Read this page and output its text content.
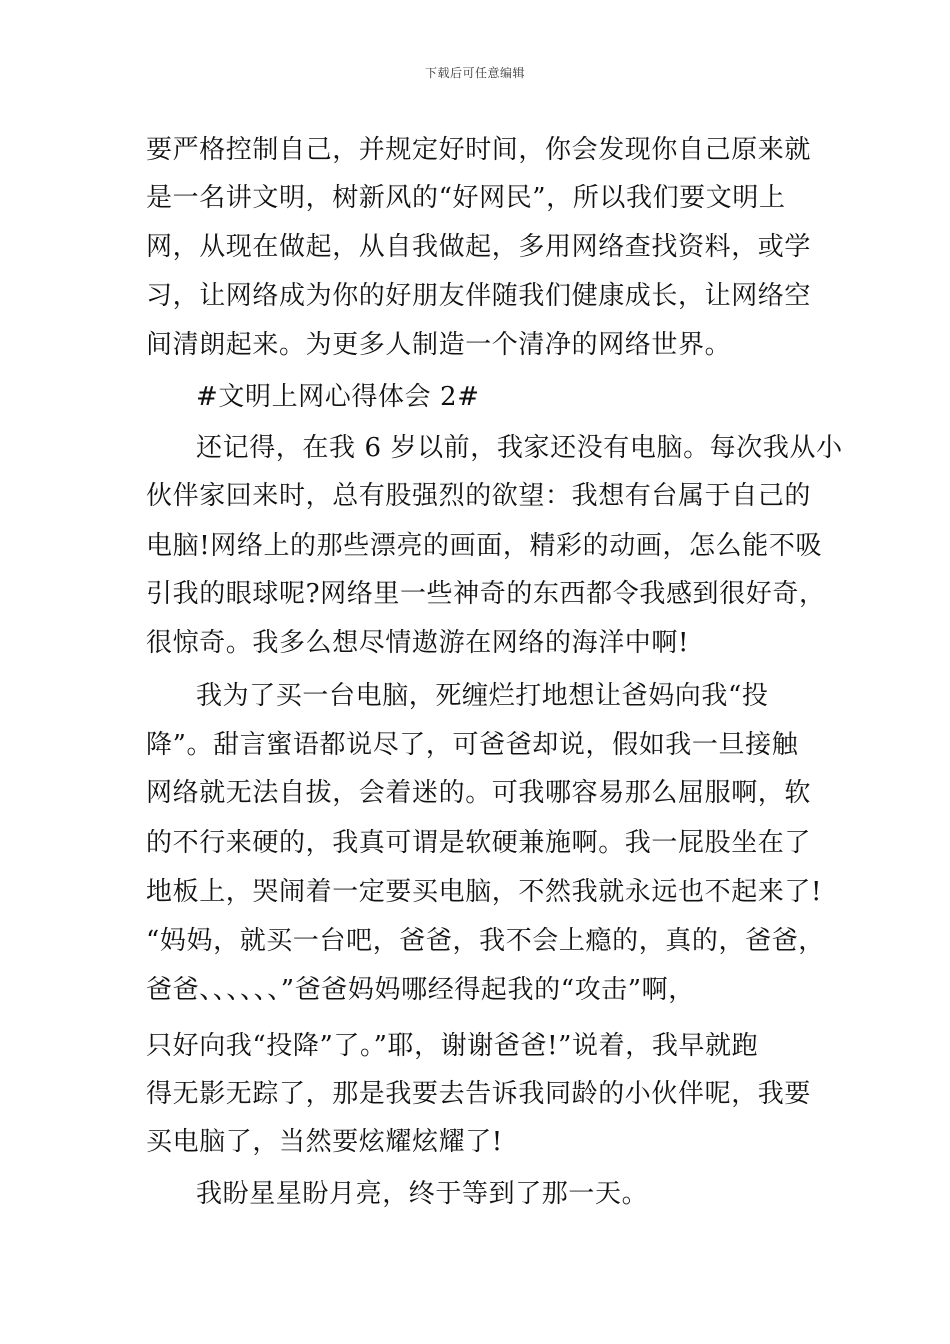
下载后可任意编辑
要严格控制自己，并规定好时间，你会发现你自己原来就
是一名讲文明，树新风的“好网民”，所以我们要文明上
网，从现在做起，从自我做起，多用网络查找资料，或学
习，让网络成为你的好朋友伴随我们健康成长，让网络空
间清朗起来。为更多人制造一个清净的网络世界。
#文明上网心得体会 2#
还记得，在我 6 岁以前，我家还没有电脑。每次我从小
伙伴家回来时，总有股强烈的欲望：我想有台属于自己的
电脑!网络上的那些漂亮的画面，精彩的动画，怎么能不吸
引我的眼球呢?网络里一些神奇的东西都令我感到很好奇，
很惊奇。我多么想尽情遨游在网络的海洋中啊!
我为了买一台电脑，死缠烂打地想让爸妈向我“投
降”。甜言蜜语都说尽了，可爸爸却说，假如我一旦接触
网络就无法自拔，会着迷的。可我哪容易那么屈服啊，软
的不行来硬的，我真可谓是软硬兼施啊。我一屁股坐在了
地板上，哭闹着一定要买电脑，不然我就永远也不起来了!
“妈妈，就买一台吧，爸爸，我不会上瘾的，真的，爸爸，
爸爸、、、、、、”爸爸妈妈哪经得起我的“攻击”啊，
只好向我“投降”了。”耶，谢谢爸爸!”说着，我早就跑
得无影无踪了，那是我要去告诉我同龄的小伙伴呢，我要
买电脑了，当然要炫耀炫耀了!
我盼星星盼月亮，终于等到了那一天。
